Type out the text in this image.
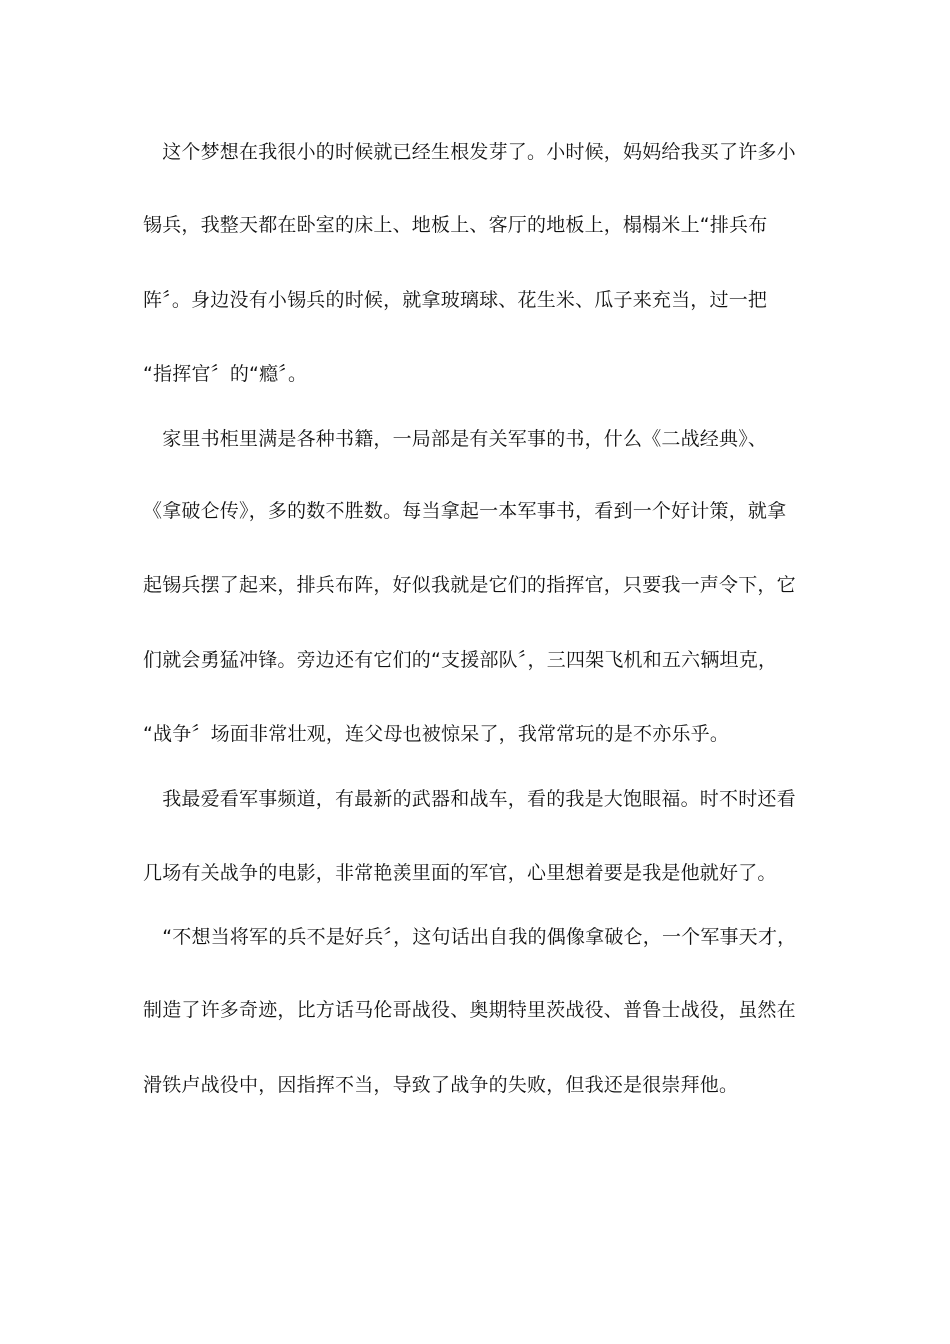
　这个梦想在我很小的时候就已经生根发芽了。小时候，妈妈给我买了许多小
锡兵，我整天都在卧室的床上、地板上、客厅的地板上，榻榻米上“排兵布
阵〞。身边没有小锡兵的时候，就拿玻璃球、花生米、瓜子来充当，过一把
“指挥官〞的“瘾〞。
　家里书柜里满是各种书籍，一局部是有关军事的书，什么《二战经典》、
《拿破仑传》，多的数不胜数。每当拿起一本军事书，看到一个好计策，就拿
起锡兵摆了起来，排兵布阵，好似我就是它们的指挥官，只要我一声令下，它
们就会勇猛冲锋。旁边还有它们的“支援部队〞，三四架飞机和五六辆坦克，
“战争〞场面非常壮观，连父母也被惊呆了，我常常玩的是不亦乐乎。
　我最爱看军事频道，有最新的武器和战车，看的我是大饱眼福。时不时还看
几场有关战争的电影，非常艳羡里面的军官，心里想着要是我是他就好了。
　“不想当将军的兵不是好兵〞，这句话出自我的偶像拿破仑，一个军事天才，
制造了许多奇迹，比方话马伦哥战役、奥期特里茨战役、普鲁士战役，虽然在
滑铁卢战役中，因指挥不当，导致了战争的失败，但我还是很崇拜他。
